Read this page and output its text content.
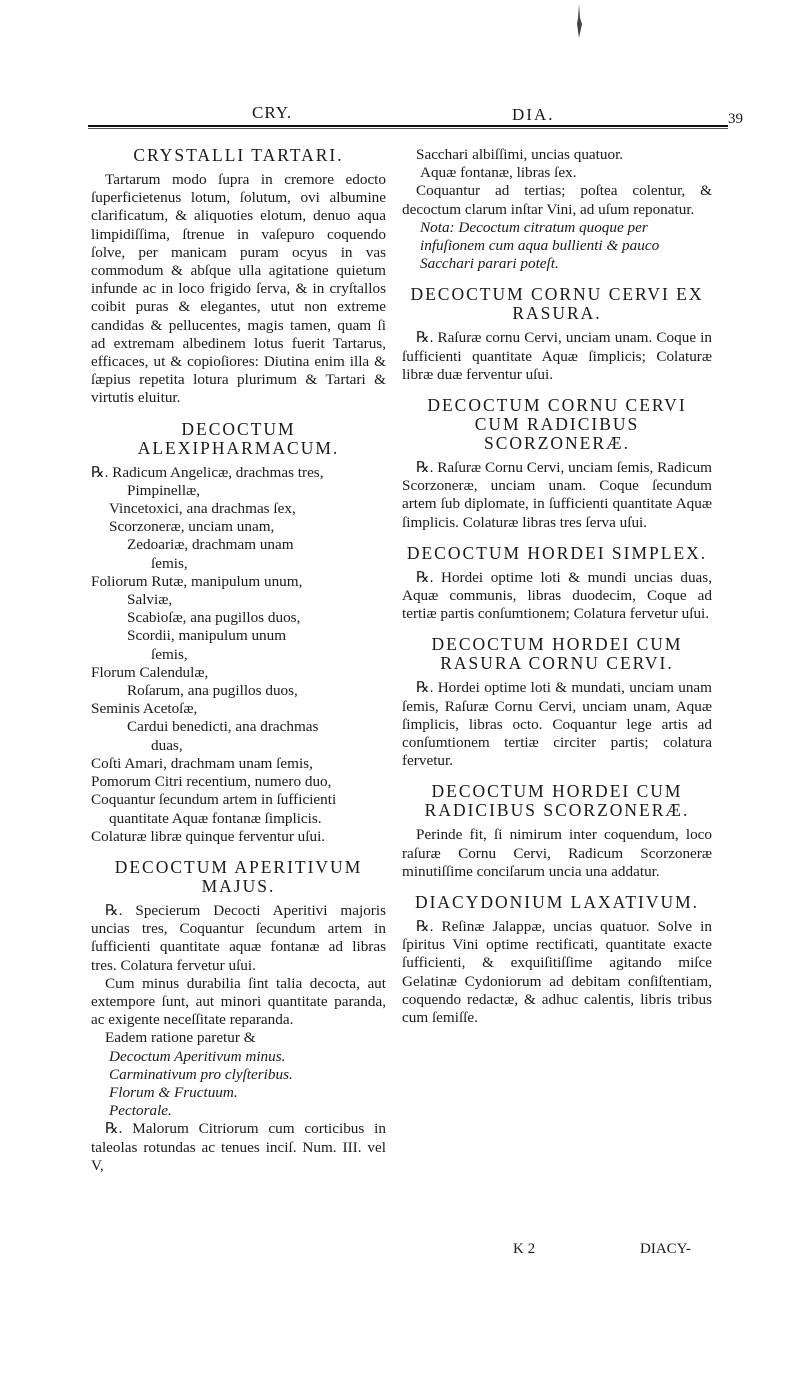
CRY.	DIA.	39

CRYSTALLI TARTARI.

Tartarum modo ſupra in cremore edocto ſuperficietenus lotum, ſolutum, ovi albumine clarificatum, & aliquoties elotum, denuo aqua limpidiſſima, ſtrenue in vaſepuro coquendo ſolve, per manicam puram ocyus in vas commodum & abſque ulla agitatione quietum infunde ac in loco frigido ſerva, & in cryſtallos coibit puras & elegantes, utut non extreme candidas & pellucentes, magis tamen, quam ſi ad extremam albedinem lotus fuerit Tartarus, efficaces, ut & copioſiores: Diutina enim illa & ſæpius repetita lotura plurimum & Tartari & virtutis eluitur.

DECOCTUM ALEXIPHARMACUM.

℞. Radicum Angelicæ, drachmas tres,

Pimpinellæ,

Vincetoxici, ana drachmas ſex,

Scorzoneræ, unciam unam,

Zedoariæ, drachmam unam

ſemis,

Foliorum Rutæ, manipulum unum,

Salviæ,

Scabioſæ, ana pugillos duos,

Scordii, manipulum unum

ſemis,

Florum Calendulæ,

Roſarum, ana pugillos duos,

Seminis Acetoſæ,

Cardui benedicti, ana drachmas

duas,

Coſti Amari, drachmam unam ſemis,

Pomorum Citri recentium, numero duo,

Coquantur ſecundum artem in ſufficienti

quantitate Aquæ fontanæ ſimplicis.

Colaturæ libræ quinque ferventur uſui.

DECOCTUM APERITIVUM MAJUS.

℞. Specierum Decocti Aperitivi majoris uncias tres, Coquantur ſecundum artem in ſufficienti quantitate aquæ fontanæ ad libras tres. Colatura fervetur uſui.

Cum minus durabilia ſint talia decocta, aut extempore ſunt, aut minori quantitate paranda, ac exigente neceſſitate reparanda.

Eadem ratione paretur &

Decoctum Aperitivum minus.

Carminativum pro clyſteribus.

Florum & Fructuum.

Pectorale.

℞. Malorum Citriorum cum corticibus in taleolas rotundas ac tenues inciſ. Num. III. vel V,

Sacchari albiſſimi, uncias quatuor.

Aquæ fontanæ, libras ſex.

Coquantur ad tertias; poſtea colentur, & decoctum clarum inſtar Vini, ad uſum reponatur.

Nota: Decoctum citratum quoque per infuſionem cum aqua bullienti & pauco Sacchari parari poteſt.

DECOCTUM CORNU CERVI EX RASURA.

℞. Raſuræ cornu Cervi, unciam unam. Coque in ſufficienti quantitate Aquæ ſimplicis; Colaturæ libræ duæ ferventur uſui.

DECOCTUM CORNU CERVI CUM RADICIBUS SCORZONERÆ.

℞. Raſuræ Cornu Cervi, unciam ſemis, Radicum Scorzoneræ, unciam unam. Coque ſecundum artem ſub diplomate, in ſufficienti quantitate Aquæ ſimplicis. Colaturæ libras tres ſerva uſui.

DECOCTUM HORDEI SIMPLEX.

℞. Hordei optime loti & mundi uncias duas, Aquæ communis, libras duodecim, Coque ad tertiæ partis conſumtionem; Colatura fervetur uſui.

DECOCTUM HORDEI CUM RASURA CORNU CERVI.

℞. Hordei optime loti & mundati, unciam unam ſemis, Raſuræ Cornu Cervi, unciam unam, Aquæ ſimplicis, libras octo. Coquantur lege artis ad conſumtionem tertiæ circiter partis; colatura fervetur.

DECOCTUM HORDEI CUM RADICIBUS SCORZONERÆ.

Perinde fit, ſi nimirum inter coquendum, loco raſuræ Cornu Cervi, Radicum Scorzoneræ minutiſſime conciſarum uncia una addatur.

DIACYDONIUM LAXATIVUM.

℞. Reſinæ Jalappæ, uncias quatuor. Solve in ſpiritus Vini optime rectificati, quantitate exacte ſufficienti, & exquiſitiſſime agitando miſce Gelatinæ Cydoniorum ad debitam conſiſtentiam, coquendo redactæ, & adhuc calentis, libris tribus cum ſemiſſe.

K 2	DIACY-
